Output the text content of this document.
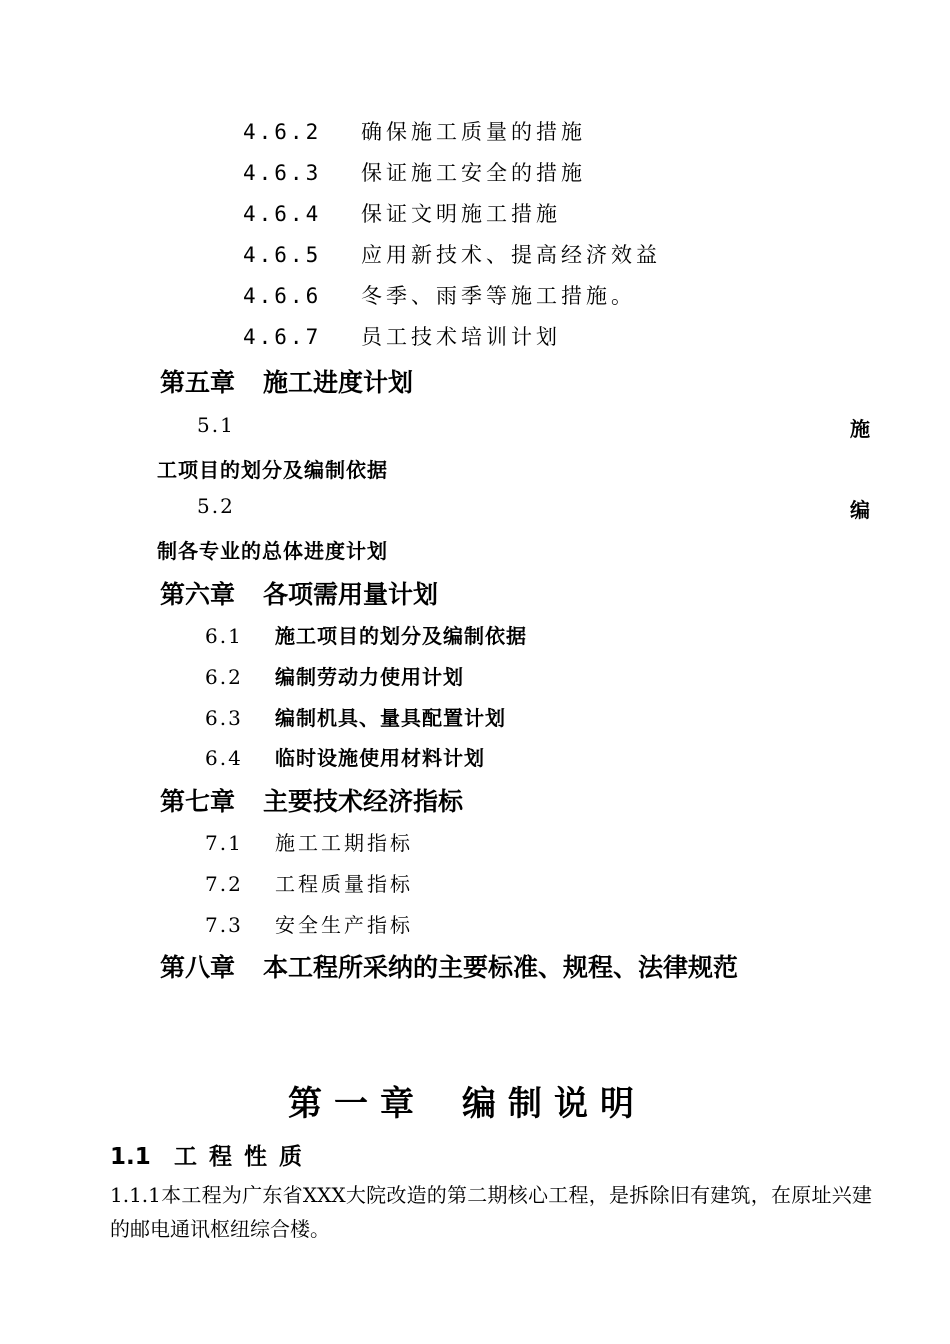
4.6.2 确保施工质量的措施
4.6.3 保证施工安全的措施
4.6.4 保证文明施工措施
4.6.5 应用新技术、提高经济效益
4.6.6 冬季、雨季等施工措施。
4.6.7 员工技术培训计划
第五章 施工进度计划
5.1	施
工项目的划分及编制依据
5.2	编
制各专业的总体进度计划
第六章 各项需用量计划
6.1 施工项目的划分及编制依据
6.2 编制劳动力使用计划
6.3 编制机具、量具配置计划
6.4 临时设施使用材料计划
第七章 主要技术经济指标
7.1 施工工期指标
7.2 工程质量指标
7.3 安全生产指标
第八章 本工程所采纳的主要标准、规程、法律规范
第一章 编制说明
1.1 工程性质
1.1.1本工程为广东省XXX大院改造的第二期核心工程，是拆除旧有建筑，在原址兴建的邮电通讯枢纽综合楼。
